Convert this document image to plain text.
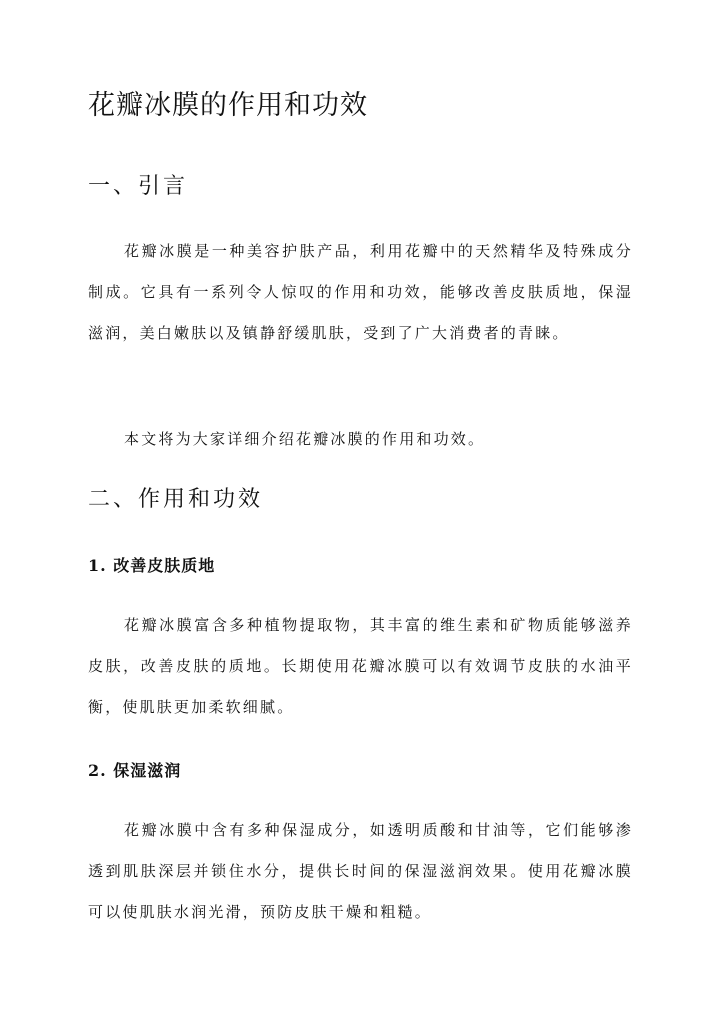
花瓣冰膜的作用和功效
一、引言

花瓣冰膜是一种美容护肤产品，利用花瓣中的天然精华及特殊成分制成。它具有一系列令人惊叹的作用和功效，能够改善皮肤质地，保湿滋润，美白嫩肤以及镇静舒缓肌肤，受到了广大消费者的青睐。

本文将为大家详细介绍花瓣冰膜的作用和功效。

二、作用和功效
1. 改善皮肤质地

花瓣冰膜富含多种植物提取物，其丰富的维生素和矿物质能够滋养皮肤，改善皮肤的质地。长期使用花瓣冰膜可以有效调节皮肤的水油平衡，使肌肤更加柔软细腻。

2. 保湿滋润

花瓣冰膜中含有多种保湿成分，如透明质酸和甘油等，它们能够渗透到肌肤深层并锁住水分，提供长时间的保湿滋润效果。使用花瓣冰膜可以使肌肤水润光滑，预防皮肤干燥和粗糙。
